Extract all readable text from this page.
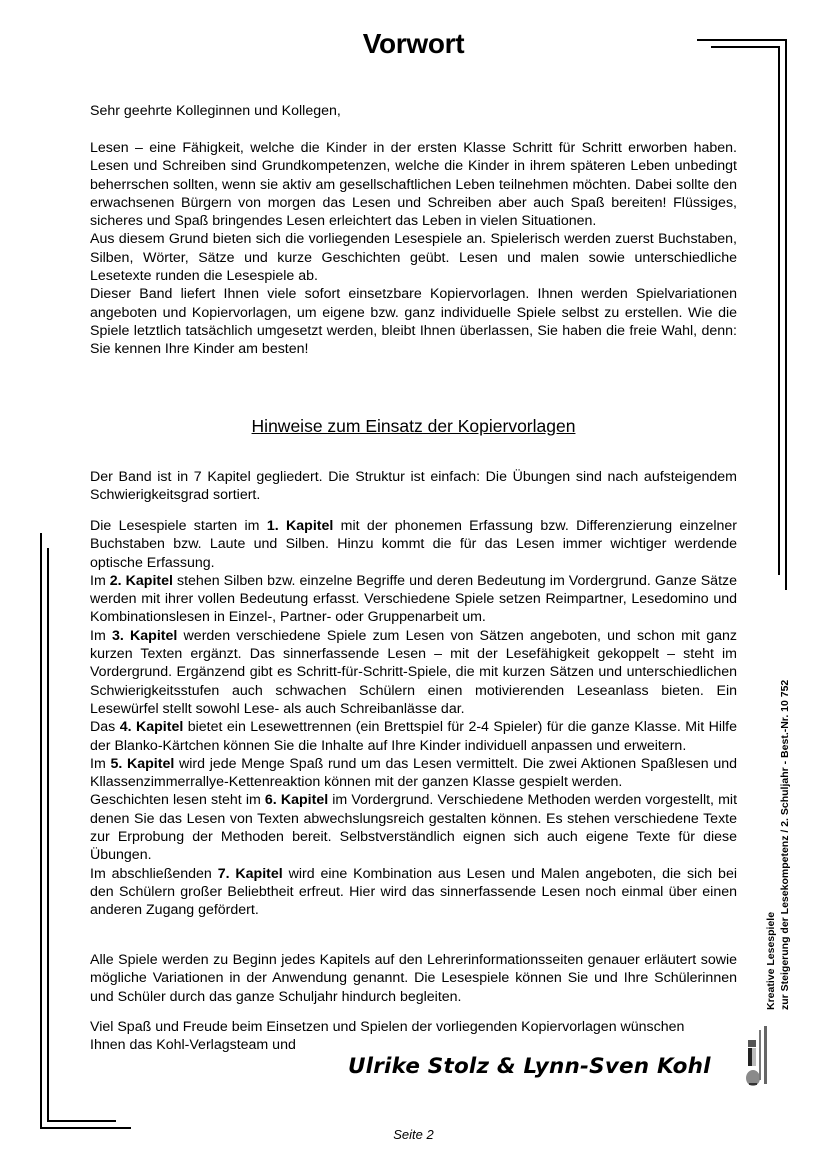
Vorwort

Sehr geehrte Kolleginnen und Kollegen,

Lesen – eine Fähigkeit, welche die Kinder in der ersten Klasse Schritt für Schritt erworben haben. Lesen und Schreiben sind Grundkompetenzen, welche die Kinder in ihrem späteren Leben unbedingt beherrschen sollten, wenn sie aktiv am gesellschaftlichen Leben teilnehmen möchten. Dabei sollte den erwachsenen Bürgern von morgen das Lesen und Schreiben aber auch Spaß bereiten! Flüssiges, sicheres und Spaß bringendes Lesen erleichtert das Leben in vielen Situationen.

Aus diesem Grund bieten sich die vorliegenden Lesespiele an. Spielerisch werden zuerst Buchstaben, Silben, Wörter, Sätze und kurze Geschichten geübt. Lesen und malen sowie unterschiedliche Lesetexte runden die Lesespiele ab.

Dieser Band liefert Ihnen viele sofort einsetzbare Kopiervorlagen. Ihnen werden Spielvariationen angeboten und Kopiervorlagen, um eigene bzw. ganz individuelle Spiele selbst zu erstellen. Wie die Spiele letztlich tatsächlich umgesetzt werden, bleibt Ihnen überlassen, Sie haben die freie Wahl, denn: Sie kennen Ihre Kinder am besten!

Hinweise zum Einsatz der Kopiervorlagen

Der Band ist in 7 Kapitel gegliedert. Die Struktur ist einfach: Die Übungen sind nach aufsteigendem Schwierigkeitsgrad sortiert.

Die Lesespiele starten im 1. Kapitel mit der phonemen Erfassung bzw. Differenzierung einzelner Buchstaben bzw. Laute und Silben. Hinzu kommt die für das Lesen immer wichtiger werdende optische Erfassung.

Im 2. Kapitel stehen Silben bzw. einzelne Begriffe und deren Bedeutung im Vordergrund. Ganze Sätze werden mit ihrer vollen Bedeutung erfasst. Verschiedene Spiele setzen Reimpartner, Lesedomino und Kombinationslesen in Einzel-, Partner- oder Gruppenarbeit um.

Im 3. Kapitel werden verschiedene Spiele zum Lesen von Sätzen angeboten, und schon mit ganz kurzen Texten ergänzt. Das sinnerfassende Lesen – mit der Lesefähigkeit gekoppelt – steht im Vordergrund. Ergänzend gibt es Schritt-für-Schritt-Spiele, die mit kurzen Sätzen und unterschiedlichen Schwierigkeitsstufen auch schwachen Schülern einen motivierenden Leseanlass bieten. Ein Lesewürfel stellt sowohl Lese- als auch Schreibanlässe dar.

Das 4. Kapitel bietet ein Lesewettrennen (ein Brettspiel für 2-4 Spieler) für die ganze Klasse. Mit Hilfe der Blanko-Kärtchen können Sie die Inhalte auf Ihre Kinder individuell anpassen und erweitern.

Im 5. Kapitel wird jede Menge Spaß rund um das Lesen vermittelt. Die zwei Aktionen Spaßlesen und Kllassenzimmerrallye-Kettenreaktion können mit der ganzen Klasse gespielt werden.

Geschichten lesen steht im 6. Kapitel im Vordergrund. Verschiedene Methoden werden vorgestellt, mit denen Sie das Lesen von Texten abwechslungsreich gestalten können. Es stehen verschiedene Texte zur Erprobung der Methoden bereit. Selbstverständlich eignen sich auch eigene Texte für diese Übungen.

Im abschließenden 7. Kapitel wird eine Kombination aus Lesen und Malen angeboten, die sich bei den Schülern großer Beliebtheit erfreut. Hier wird das sinnerfassende Lesen noch einmal über einen anderen Zugang gefördert.

Alle Spiele werden zu Beginn jedes Kapitels auf den Lehrerinformationsseiten genauer erläutert sowie mögliche Variationen in der Anwendung genannt. Die Lesespiele können Sie und Ihre Schülerinnen und Schüler durch das ganze Schuljahr hindurch begleiten.

Viel Spaß und Freude beim Einsetzen und Spielen der vorliegenden Kopiervorlagen wünschen

Ihnen das Kohl-Verlagsteam und

Ulrike Stolz & Lynn-Sven Kohl
Seite 2
Kreative Lesespiele zur Steigerung der Lesekompetenz / 2. Schuljahr - Best.-Nr. 10 752
